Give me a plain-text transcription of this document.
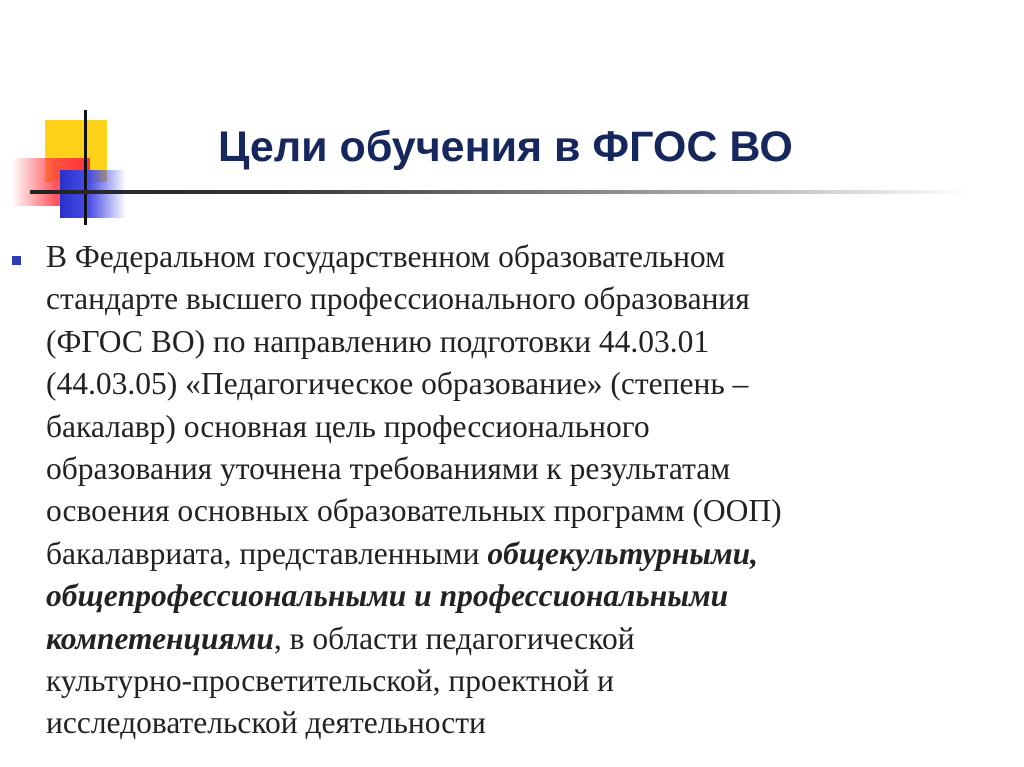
Цели обучения в ФГОС ВО

В Федеральном государственном образовательном
стандарте высшего профессионального образования
(ФГОС ВО) по направлению подготовки 44.03.01
(44.03.05) «Педагогическое образование» (степень –
бакалавр) основная цель профессионального
образования уточнена требованиями к результатам
освоения основных образовательных программ (ООП)
бакалавриата, представленными общекультурными,
общепрофессиональными и профессиональными
компетенциями, в области педагогической
культурно-просветительской, проектной и
исследовательской деятельности
